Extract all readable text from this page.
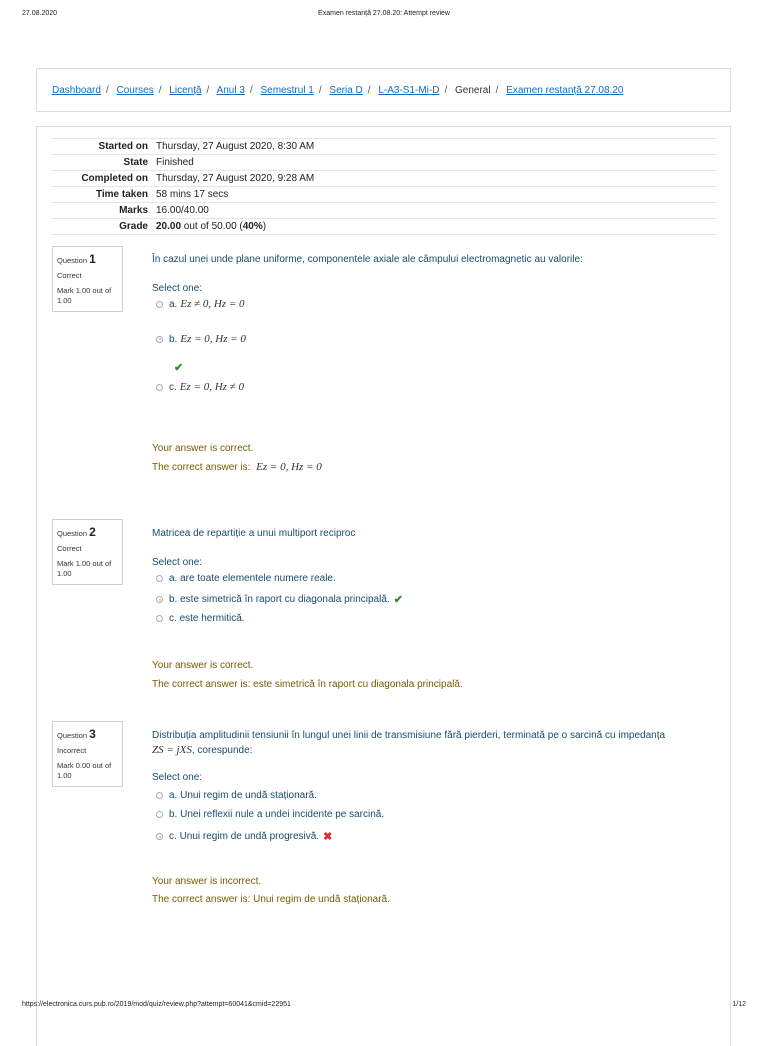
27.08.2020	Examen restanță 27.08.20: Attempt review
Dashboard / Courses / Licență / Anul 3 / Semestrul 1 / Seria D / L-A3-S1-Mi-D / General / Examen restanță 27.08.20
Started on	Thursday, 27 August 2020, 8:30 AM
State	Finished
Completed on	Thursday, 27 August 2020, 9:28 AM
Time taken	58 mins 17 secs
Marks	16.00/40.00
Grade	20.00 out of 50.00 (40%)
Question 1
Correct
Mark 1.00 out of 1.00
În cazul unei unde plane uniforme, componentele axiale ale câmpului electromagnetic au valorile:
Select one:
a. Ez ≠ 0, Hz = 0
b. Ez = 0, Hz = 0
✔
c. Ez = 0, Hz ≠ 0
Your answer is correct.
The correct answer is: Ez = 0, Hz = 0
Question 2
Correct
Mark 1.00 out of 1.00
Matricea de repartiție a unui multiport reciproc
Select one:
a.
are toate elementele numere reale.
b.
este simetrică în raport cu diagonala principală. ✔
c.
este hermitică.
Your answer is correct.
The correct answer is: este simetrică în raport cu diagonala principală.
Question 3
Incorrect
Mark 0.00 out of 1.00
Distribuția amplitudinii tensiunii în lungul unei linii de transmisiune fără pierderi, terminată pe o sarcină cu impedanța
ZS = jXS, corespunde:
Select one:
a.
Unui regim de undă staționară.
b.
Unei reflexii nule a undei incidente pe sarcină.
c.
Unui regim de undă progresivă. ✖
Your answer is incorrect.
The correct answer is: Unui regim de undă staționară.
https://electronica.curs.pub.ro/2019/mod/quiz/review.php?attempt=60041&cmid=22951	1/12
